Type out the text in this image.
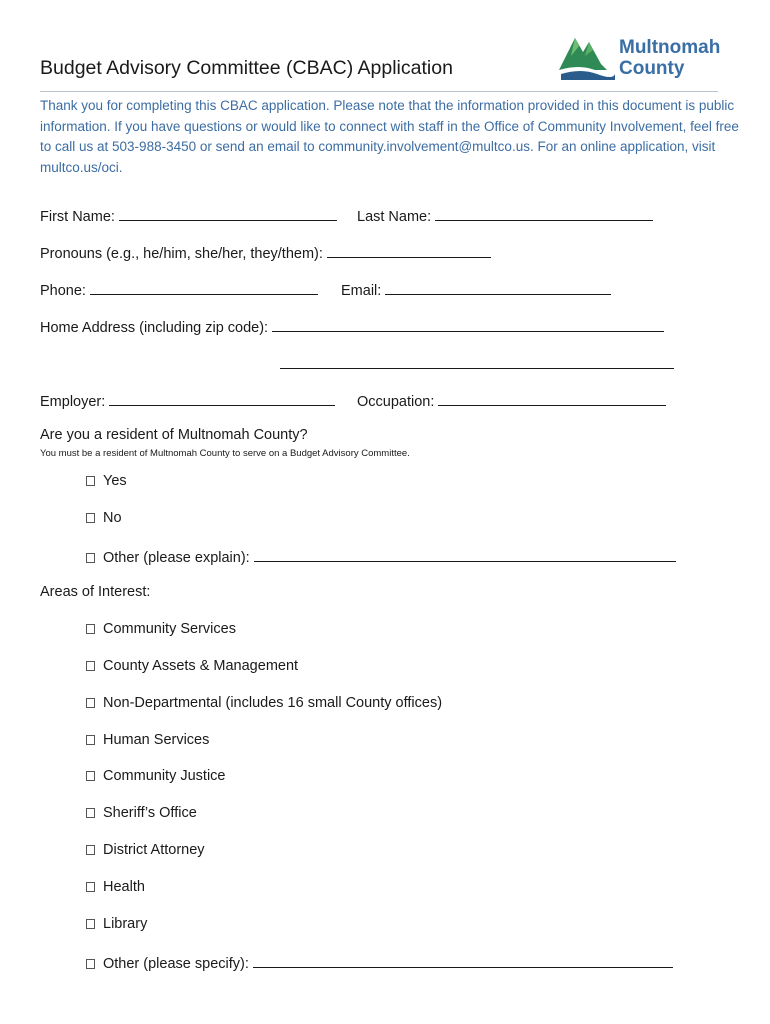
Budget Advisory Committee (CBAC) Application
Multnomah
County
Thank you for completing this CBAC application. Please note that the information provided in this document is public information. If you have questions or would like to connect with staff in the Office of Community Involvement, feel free to call us at 503-988-3450 or send an email to community.involvement@multco.us. For an online application, visit multco.us/oci.
First Name:	Last Name:
Pronouns (e.g., he/him, she/her, they/them):
Phone:	Email:
Home Address (including zip code):
Employer:	Occupation:
Are you a resident of Multnomah County?
You must be a resident of Multnomah County to serve on a Budget Advisory Committee.
Yes
No
Other (please explain):
Areas of Interest:
Community Services
County Assets & Management
Non-Departmental (includes 16 small County offices)
Human Services
Community Justice
Sheriff’s Office
District Attorney
Health
Library
Other (please specify):
